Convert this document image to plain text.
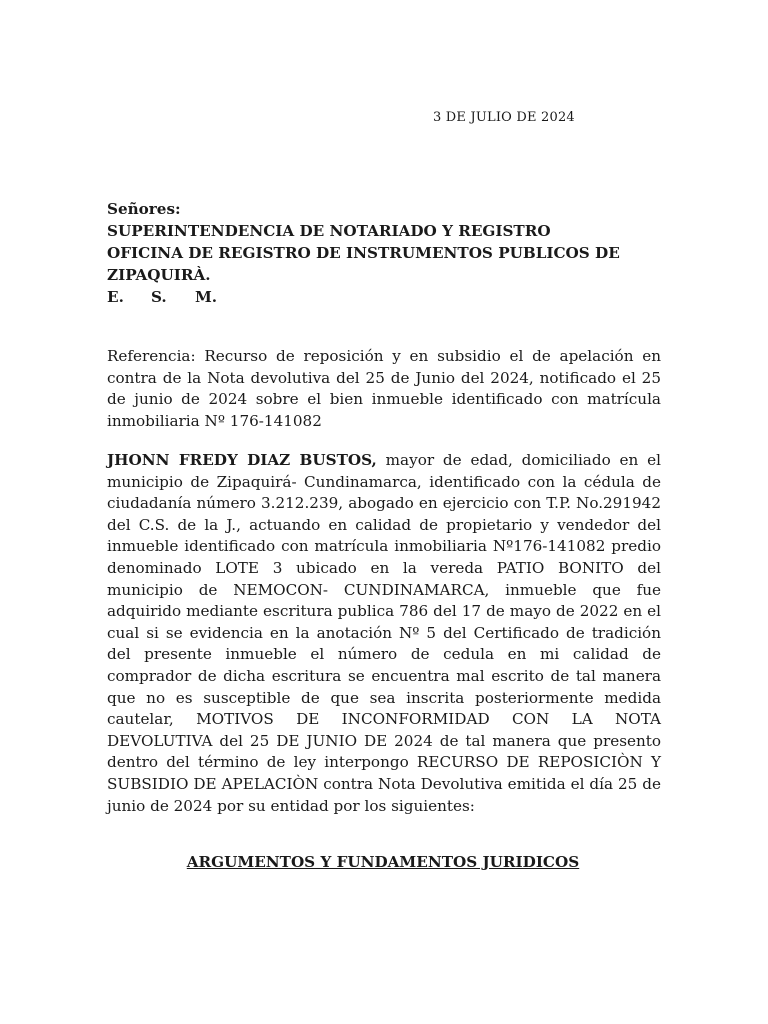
3 DE JULIO DE 2024
Señores:
SUPERINTENDENCIA DE NOTARIADO Y REGISTRO
OFICINA DE REGISTRO DE INSTRUMENTOS PUBLICOS DE
ZIPAQUIRÀ.
E. S. M.
Referencia: Recurso de reposición y en subsidio el de apelación en contra de la Nota devolutiva del 25 de Junio del 2024, notificado el 25 de junio de 2024 sobre el bien inmueble identificado con matrícula inmobiliaria Nº 176-141082
JHONN FREDY DIAZ BUSTOS, mayor de edad, domiciliado en el municipio de Zipaquirá- Cundinamarca, identificado con la cédula de ciudadanía número 3.212.239, abogado en ejercicio con T.P. No.291942 del C.S. de la J., actuando en calidad de propietario y vendedor del inmueble identificado con matrícula inmobiliaria Nº176-141082 predio denominado LOTE 3 ubicado en la vereda PATIO BONITO del municipio de NEMOCON- CUNDINAMARCA, inmueble que fue adquirido mediante escritura publica 786 del 17 de mayo de 2022 en el cual si se evidencia en la anotación Nº 5 del Certificado de tradición del presente inmueble el número de cedula en mi calidad de comprador de dicha escritura se encuentra mal escrito de tal manera que no es susceptible de que sea inscrita posteriormente medida cautelar, MOTIVOS DE INCONFORMIDAD CON LA NOTA DEVOLUTIVA del 25 DE JUNIO DE 2024 de tal manera que presento dentro del término de ley interpongo RECURSO DE REPOSICIÒN Y SUBSIDIO DE APELACIÒN contra Nota Devolutiva emitida el día 25 de junio de 2024 por su entidad por los siguientes:
ARGUMENTOS Y FUNDAMENTOS JURIDICOS
